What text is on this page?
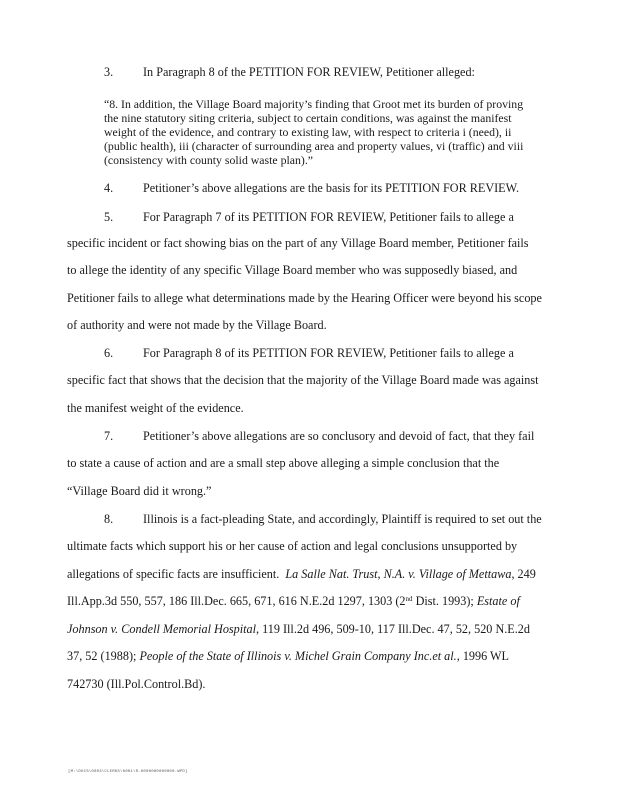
3. In Paragraph 8 of the PETITION FOR REVIEW, Petitioner alleged:
“8. In addition, the Village Board majority’s finding that Groot met its burden of proving
the nine statutory siting criteria, subject to certain conditions, was against the manifest
weight of the evidence, and contrary to existing law, with respect to criteria i (need), ii
(public health), iii (character of surrounding area and property values, vi (traffic) and viii
(consistency with county solid waste plan).”
4. Petitioner’s above allegations are the basis for its PETITION FOR REVIEW.
5. For Paragraph 7 of its PETITION FOR REVIEW, Petitioner fails to allege a
specific incident or fact showing bias on the part of any Village Board member, Petitioner fails
to allege the identity of any specific Village Board member who was supposedly biased, and
Petitioner fails to allege what determinations made by the Hearing Officer were beyond his scope
of authority and were not made by the Village Board.
6. For Paragraph 8 of its PETITION FOR REVIEW, Petitioner fails to allege a
specific fact that shows that the decision that the majority of the Village Board made was against
the manifest weight of the evidence.
7. Petitioner’s above allegations are so conclusory and devoid of fact, that they fail
to state a cause of action and are a small step above alleging a simple conclusion that the
“Village Board did it wrong.”
8. Illinois is a fact-pleading State, and accordingly, Plaintiff is required to set out the
ultimate facts which support his or her cause of action and legal conclusions unsupported by
allegations of specific facts are insufficient. La Salle Nat. Trust, N.A. v. Village of Mettawa, 249
Ill.App.3d 550, 557, 186 Ill.Dec. 665, 671, 616 N.E.2d 1297, 1303 (2nd Dist. 1993); Estate of
Johnson v. Condell Memorial Hospital, 119 Ill.2d 496, 509-10, 117 Ill.Dec. 47, 52, 520 N.E.2d
37, 52 (1988); People of the State of Illinois v. Michel Grain Company Inc.et al., 1996 WL
742730 (Ill.Pol.Control.Bd).
[M:\DOCS\0003\CLERKS\0001\R-0000000000000.WPD]
